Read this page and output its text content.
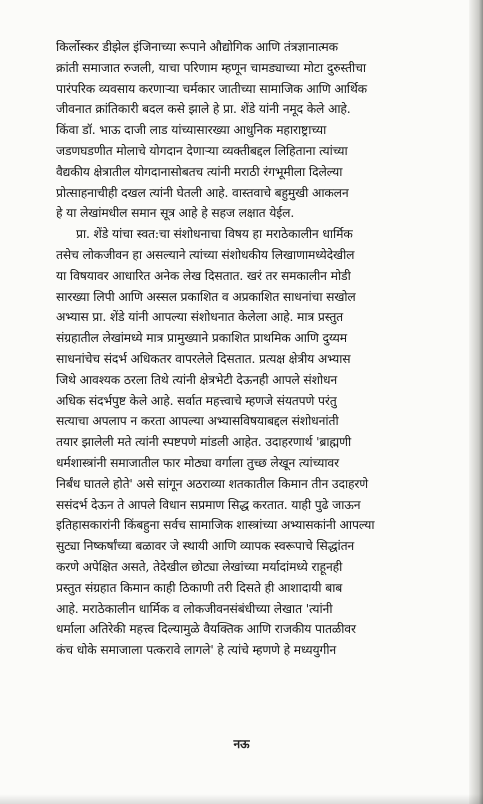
किर्लोस्कर डीझेल इंजिनाच्या रूपाने औद्योगिक आणि तंत्रज्ञानात्मक
क्रांती समाजात रुजली, याचा परिणाम म्हणून चामड्याच्या मोटा दुरुस्तीचा
पारंपरिक व्यवसाय करणाऱ्या चर्मकार जातीच्या सामाजिक आणि आर्थिक
जीवनात क्रांतिकारी बदल कसे झाले हे प्रा. शेंडे यांनी नमूद केले आहे.
किंवा डॉ. भाऊ दाजी लाड यांच्यासारख्या आधुनिक महाराष्ट्राच्या
जडणघडणीत मोलाचे योगदान देणाऱ्या व्यक्तीबद्दल लिहिताना त्यांच्या
वैद्यकीय क्षेत्रातील योगदानासोबतच त्यांनी मराठी रंगभूमीला दिलेल्या
प्रोत्साहनाचीही दखल त्यांनी घेतली आहे. वास्तवाचे बहुमुखी आकलन
हे या लेखांमधील समान सूत्र आहे हे सहज लक्षात येईल.
प्रा. शेंडे यांचा स्वत:चा संशोधनाचा विषय हा मराठेकालीन धार्मिक
तसेच लोकजीवन हा असल्याने त्यांच्या संशोधकीय लिखाणामध्येदेखील
या विषयावर आधारित अनेक लेख दिसतात. खरं तर समकालीन मोडी
सारख्या लिपी आणि अस्सल प्रकाशित व अप्रकाशित साधनांचा सखोल
अभ्यास प्रा. शेंडे यांनी आपल्या संशोधनात केलेला आहे. मात्र प्रस्तुत
संग्रहातील लेखांमध्ये मात्र प्रामुख्याने प्रकाशित प्राथमिक आणि दुय्यम
साधनांचेच संदर्भ अधिकतर वापरलेले दिसतात. प्रत्यक्ष क्षेत्रीय अभ्यास
जिथे आवश्यक ठरला तिथे त्यांनी क्षेत्रभेटी देऊनही आपले संशोधन
अधिक संदर्भपुष्ट केले आहे. सर्वात महत्त्वाचे म्हणजे संयतपणे परंतु
सत्याचा अपलाप न करता आपल्या अभ्यासविषयाबद्दल संशोधनांती
तयार झालेली मते त्यांनी स्पष्टपणे मांडली आहेत. उदाहरणार्थ 'ब्राह्मणी
धर्मशास्त्रांनी समाजातील फार मोठ्या वर्गाला तुच्छ लेखून त्यांच्यावर
निर्बंध घातले होते' असे सांगून अठराव्या शतकातील किमान तीन उदाहरणे
ससंदर्भ देऊन ते आपले विधान सप्रमाण सिद्ध करतात. याही पुढे जाऊन
इतिहासकारांनी किंबहुना सर्वच सामाजिक शास्त्रांच्या अभ्यासकांनी आपल्या
सुट्या निष्कर्षांच्या बळावर जे स्थायी आणि व्यापक स्वरूपाचे सिद्धांतन
करणे अपेक्षित असते, तेदेखील छोट्या लेखांच्या मर्यादांमध्ये राहूनही
प्रस्तुत संग्रहात किमान काही ठिकाणी तरी दिसते ही आशादायी बाब
आहे. मराठेकालीन धार्मिक व लोकजीवनसंबंधीच्या लेखात 'त्यांनी
धर्माला अतिरेकी महत्त्व दिल्यामुळे वैयक्तिक आणि राजकीय पातळीवर
कंच धोके समाजाला पत्करावे लागले' हे त्यांचे म्हणणे हे मध्ययुगीन
नऊ
